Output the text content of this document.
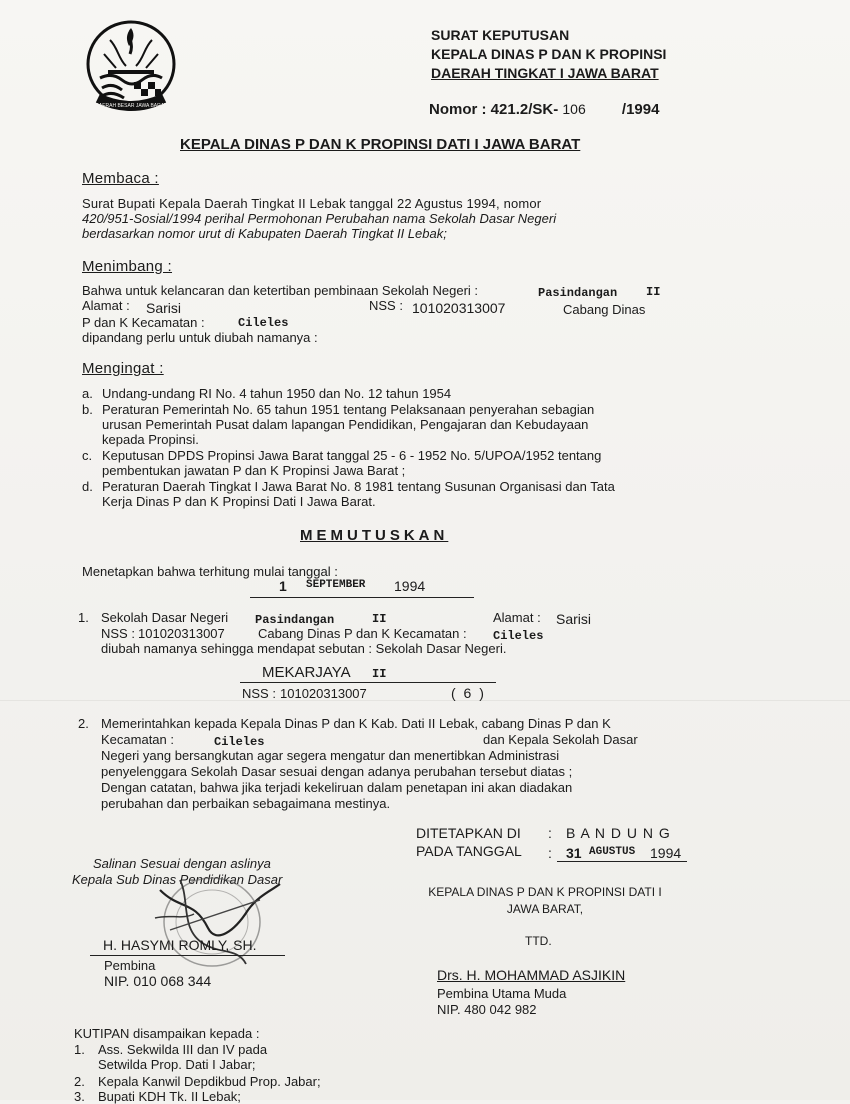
DAERAH BESAR JAWA BARAT
SURAT KEPUTUSAN
KEPALA DINAS P DAN K PROPINSI
DAERAH TINGKAT I JAWA BARAT
Nomor : 421.2/SK- 106 /1994
KEPALA DINAS P DAN K PROPINSI DATI I JAWA BARAT
Membaca :
Surat Bupati Kepala Daerah Tingkat II Lebak tanggal 22 Agustus 1994, nomor
420/951-Sosial/1994 perihal Permohonan Perubahan nama Sekolah Dasar Negeri
berdasarkan nomor urut di Kabupaten Daerah Tingkat II Lebak;
Menimbang :
Bahwa untuk kelancaran dan ketertiban pembinaan Sekolah Negeri :	Pasindangan II
Alamat : Sarisi	NSS : 101020313007	Cabang Dinas
P dan K Kecamatan :	Cileles
dipandang perlu untuk diubah namanya :
Mengingat :
a. Undang-undang RI No. 4 tahun 1950 dan No. 12 tahun 1954
b. Peraturan Pemerintah No. 65 tahun 1951 tentang Pelaksanaan penyerahan sebagian
urusan Pemerintah Pusat dalam lapangan Pendidikan, Pengajaran dan Kebudayaan
kepada Propinsi.
c. Keputusan DPDS Propinsi Jawa Barat tanggal 25 - 6 - 1952 No. 5/UPOA/1952 tentang
pembentukan jawatan P dan K Propinsi Jawa Barat ;
d. Peraturan Daerah Tingkat I Jawa Barat No. 8 1981 tentang Susunan Organisasi dan Tata
Kerja Dinas P dan K Propinsi Dati I Jawa Barat.
MEMUTUSKAN
Menetapkan bahwa terhitung mulai tanggal :
1 SEPTEMBER 1994
1. Sekolah Dasar Negeri Pasindangan	II	Alamat : Sarisi
NSS : 101020313007	Cabang Dinas P dan K Kecamatan : Cileles
diubah namanya sehingga mendapat sebutan : Sekolah Dasar Negeri.
MEKARJAYA II
NSS : 101020313007	( 6 )
2. Memerintahkan kepada Kepala Dinas P dan K Kab. Dati II Lebak, cabang Dinas P dan K
Kecamatan :	Cileles	dan Kepala Sekolah Dasar
Negeri yang bersangkutan agar segera mengatur dan menertibkan Administrasi
penyelenggara Sekolah Dasar sesuai dengan adanya perubahan tersebut diatas ;
Dengan catatan, bahwa jika terjadi kekeliruan dalam penetapan ini akan diadakan
perubahan dan perbaikan sebagaimana mestinya.
DITETAPKAN DI : B A N D U N G
PADA TANGGAL : 31 AGUSTUS 1994
Salinan Sesuai dengan aslinya
Kepala Sub Dinas Pendidikan Dasar
H. HASYMI ROMLY, SH.
Pembina
NIP. 010 068 344
KEPALA DINAS P DAN K PROPINSI DATI I
JAWA BARAT,
TTD.
Drs. H. MOHAMMAD ASJIKIN
Pembina Utama Muda
NIP. 480 042 982
KUTIPAN disampaikan kepada :
1. Ass. Sekwilda III dan IV pada
Setwilda Prop. Dati I Jabar;
2. Kepala Kanwil Depdikbud Prop. Jabar;
3. Bupati KDH Tk. II Lebak;
